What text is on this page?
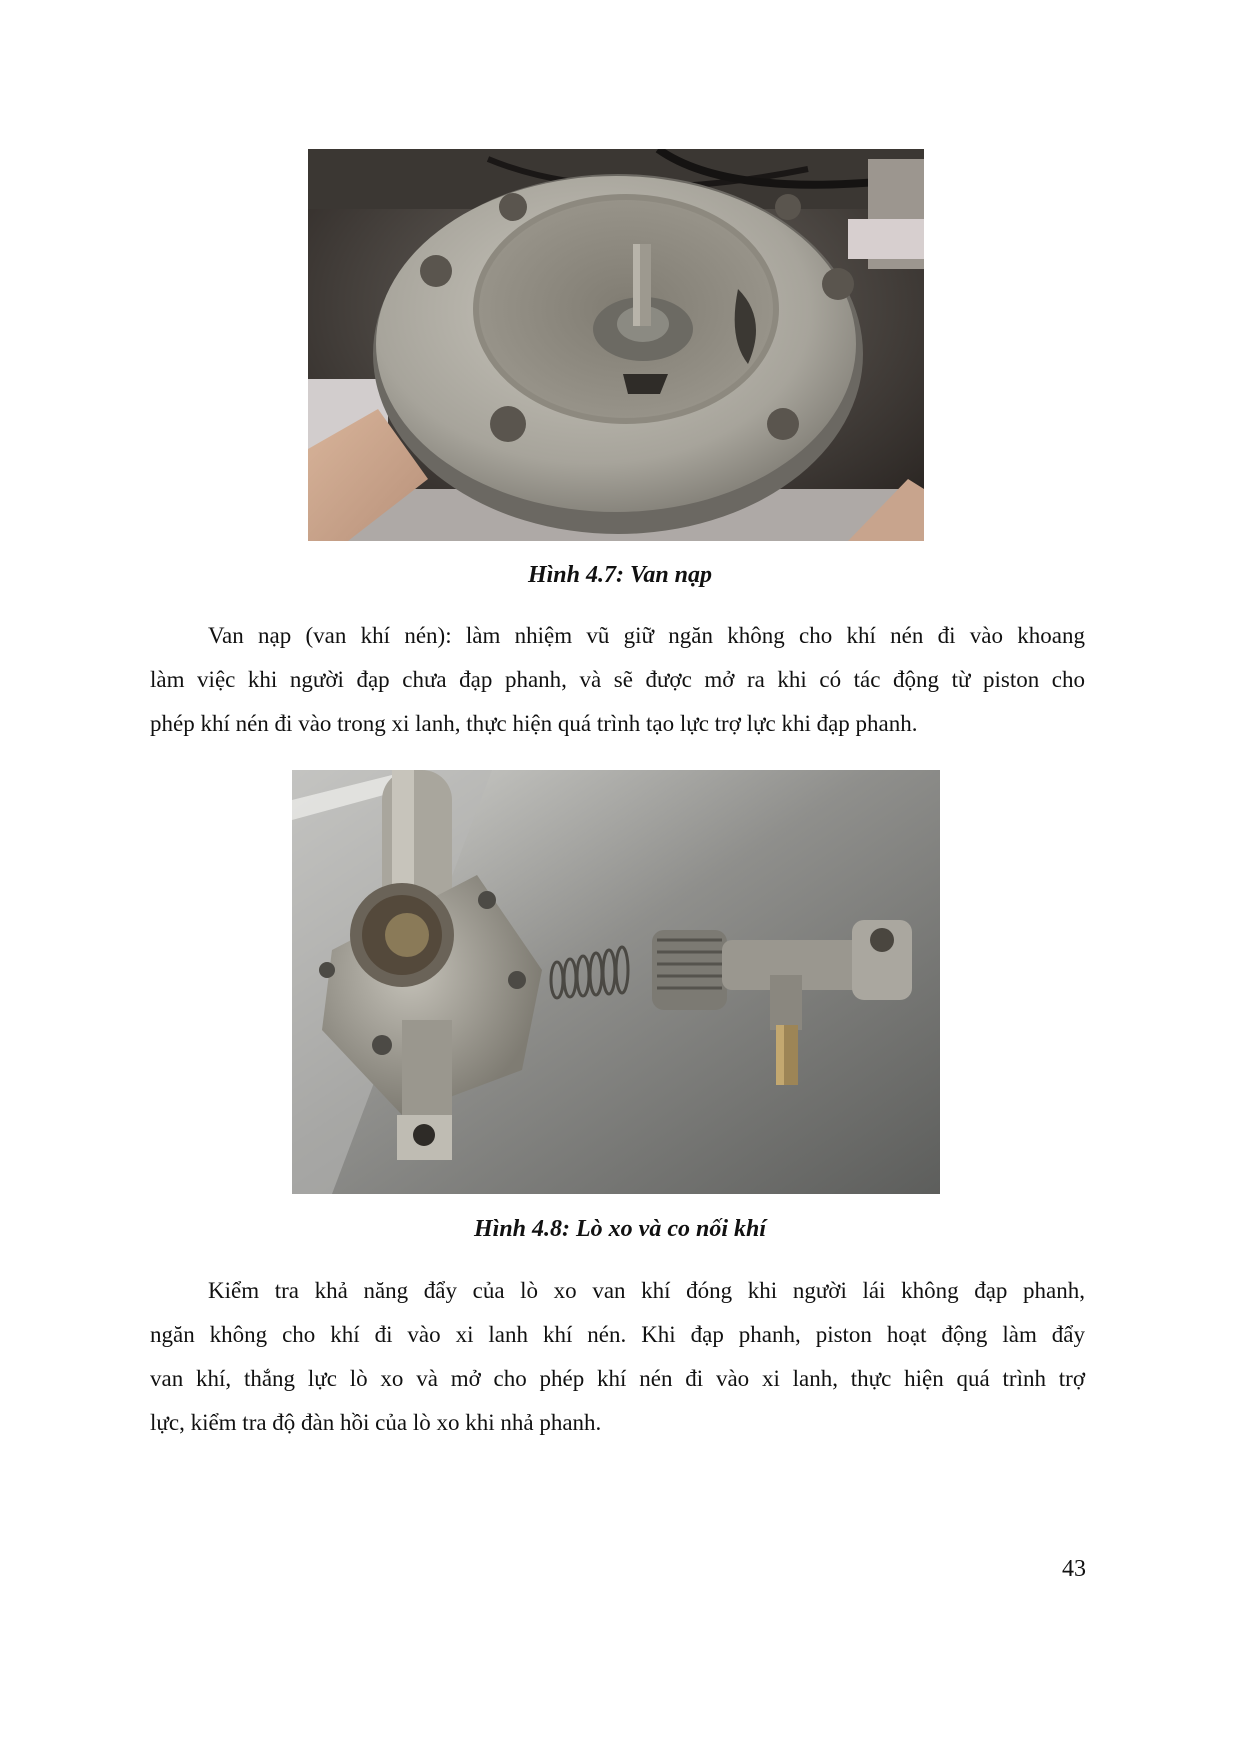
Hình 4.7: Van nạp

Van nạp (van khí nén): làm nhiệm vũ giữ ngăn không cho khí nén đi vào khoang
làm việc khi người đạp chưa đạp phanh, và sẽ được mở ra khi có tác động từ piston cho
phép khí nén đi vào trong xi lanh, thực hiện quá trình tạo lực trợ lực khi đạp phanh.

Hình 4.8: Lò xo và co nối khí

Kiểm tra khả năng đẩy của lò xo van khí đóng khi người lái không đạp phanh,
ngăn không cho khí đi vào xi lanh khí nén. Khi đạp phanh, piston hoạt động làm đẩy
van khí, thắng lực lò xo và mở cho phép khí nén đi vào xi lanh, thực hiện quá trình trợ
lực, kiểm tra độ đàn hồi của lò xo khi nhả phanh.

43
